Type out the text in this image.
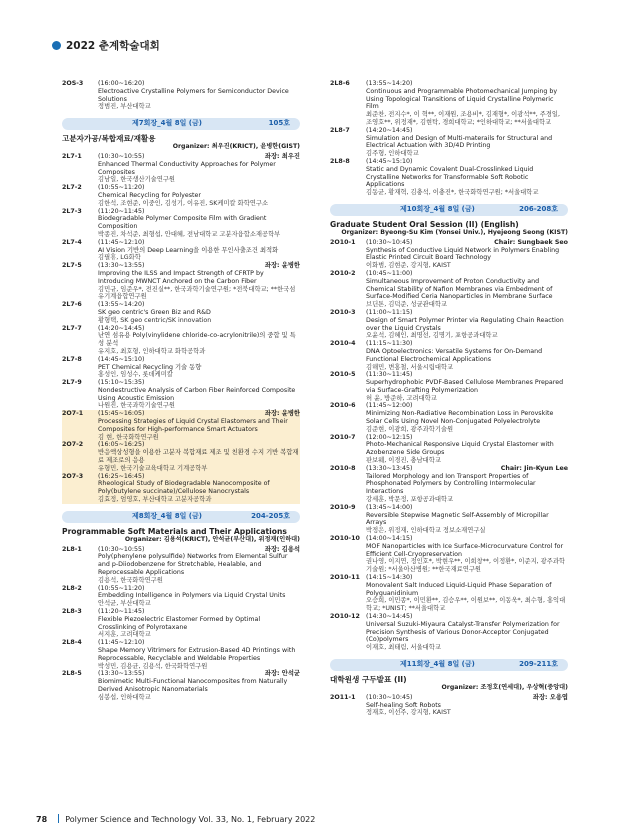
2022 춘계학술대회
2OS-3	(16:00~16:20)
Electroactive Crystalline Polymers for Semiconductor Device Solutions
정범진, 부산대학교
제7회장_4월 8일 (금)	105호
고분자가공/복합재료/재활용
Organizer: 최우진(KRICT), 윤병한(GIST)
2L7-1	(10:30~10:55)	좌장: 최우진
Enhanced Thermal Conductivity Approaches for Polymer Composites
김남일, 한국생산기술연구원
2L7-2	(10:55~11:20)
Chemical Recycling for Polyester
김한석, 조현준, 이중인, 김성기, 이유진, SK케미칼 화학연구소
2L7-3	(11:20~11:45)
Biodegradable Polymer Composite Film with Gradient Composition
박종진, 차석준, 최형섭, 안대혜, 전남대학교 고분자융합소재공학부
2L7-4	(11:45~12:10)
AI Vision 기반의 Deep Learning을 이용한 무인사출조건 최적화
김필휴, LG화학
2L7-5	(13:30~13:55)	좌장: 윤병한
Improving the ILSS and Impact Strength of CFRTP by Introducing MWNCT Anchored on the Carbon Fiber
김민규, 임준우*, 전진실**, 한국과학기술연구원; *전북대학교; **한국섬유기계융합연구원
2L7-6	(13:55~14:20)
SK geo centric's Green Biz and R&D
황형택, SK geo centric/SK innovation
2L7-7	(14:20~14:45)
난연 섬유용 Poly(vinylidene chloride-co-acrylonitrile)의 중합 및 특성 분석
유지호, 최호형, 인하대학교 화학공학과
2L7-8	(14:45~15:10)
PET Chemical Recycling 기술 동향
홍성인, 임성수, 롯데케미칼
2L7-9	(15:10~15:35)
Nondestructive Analysis of Carbon Fiber Reinforced Composite Using Acoustic Emission
나원진, 한국과학기술연구원
2O7-1	(15:45~16:05)	좌장: 윤병한
Processing Strategies of Liquid Crystal Elastomers and Their Composites for High-performance Smart Actuators
김 현, 한국화학연구원
2O7-2	(16:05~16:25)
반응액상성형을 이용한 고분자 복합재료 제조 및 친환경 수지 기반 복합재료 제조로의 응용
유형민, 한국기술교육대학교 기계공학부
2O7-3	(16:25~16:45)
Rheological Study of Biodegradable Nanocomposite of Poly(butylene succinate)/Cellulose Nanocrystals
김효정, 엄영호, 부산대학교 고분자공학과
제8회장_4월 8일 (금)	204-205호
Programmable Soft Materials and Their Applications
Organizer: 김용석(KRICT), 안석균(부산대), 위정재(인하대)
2L8-1	(10:30~10:55)	좌장: 김용석
Poly(phenylene polysulfide) Networks from Elemental Sulfur and p-Diiodobenzene for Stretchable, Healable, and Reprocessable Applications
김용석, 한국화학연구원
2L8-2	(10:55~11:20)
Embedding Intelligence in Polymers via Liquid Crystal Units
안석균, 부산대학교
2L8-3	(11:20~11:45)
Flexible Piezoelectric Elastomer Formed by Optimal Crosslinking of Polyrotaxane
서지훈, 고려대학교
2L8-4	(11:45~12:10)
Shape Memory Vitrimers for Extrusion-Based 4D Printings with Reprocessable, Recyclable and Weldable Properties
박성민, 김용균, 김용석, 한국화학연구원
2L8-5	(13:30~13:55)	좌장: 안석균
Biomimetic Multi-Functional Nanocomposites from Naturally Derived Anisotropic Nanomaterials
심봉섭, 인하대학교
2L8-6	(13:55~14:20)
Continuous and Programmable Photomechanical Jumping by Using Topological Transitions of Liquid Crystalline Polymeric Film
최준찬, 전지수*, 이 혁**, 이재원, 조용비*, 김재형*, 이광석**, 주경일, 조영호**, 위정재*, 김현탁, 경희대학교; *인하대학교; **서울대학교
2L8-7	(14:20~14:45)
Simulation and Design of Multi-materails for Structural and Electrical Actuation with 3D/4D Printing
김주형, 인하대학교
2L8-8	(14:45~15:10)
Static and Dynamic Covalent Dual-Crosslinked Liquid Crystalline Networks for Transformable Soft Robotic Applications
김동균, 황재혁, 김충석, 이충진*, 한국화학연구원; *서울대학교
제10회장_4월 8일 (금)	206-208호
Graduate Student Oral Session (II) (English)
Organizer: Byeong-Su Kim (Yonsei Univ.), Hyejeong Seong (KIST)
2O10-1	(10:30~10:45)	Chair: Sungbaek Seo
Synthesis of Conductive Liquid Network in Polymers Enabling Elastic Printed Circuit Board Technology
이화범, 김현준, 강지형, KAIST
2O10-2	(10:45~11:00)
Simultaneous Improvement of Proton Conductivity and Chemical Stability of Nafion Membranes via Embedment of Surface-Modified Ceria Nanoparticles in Membrane Surface
브딘톤, 김덕준, 성균관대학교
2O10-3	(11:00~11:15)
Design of Smart Polymer Printer via Regulating Chain Reaction over the Liquid Crystals
오윤석, 김혜인, 최명선, 김명기, 포항공과대학교
2O10-4	(11:15~11:30)
DNA Optoelectronics: Versatile Systems for On-Demand Functional Electrochemical Applications
김해민, 변홍철, 서울시립대학교
2O10-5	(11:30~11:45)
Superhydrophobic PVDF-Based Cellulose Membranes Prepared via Surface-Grafting Polymerization
허 윤, 방준하, 고려대학교
2O10-6	(11:45~12:00)
Minimizing Non-Radiative Recombination Loss in Perovskite Solar Cells Using Novel Non-Conjugated Polyelectrolyte
김준현, 이광희, 광주과학기술원
2O10-7	(12:00~12:15)
Photo-Mechanical Responsive Liquid Crystal Elastomer with Azobenzene Side Groups
판보웨, 이경진, 충남대학교
2O10-8	(13:30~13:45)	Chair: Jin-Kyun Lee
Tailored Morphology and Ion Transport Properties of Phosphonated Polymers by Controlling Intermolecular Interactions
강세훈, 박문정, 포항공과대학교
2O10-9	(13:45~14:00)
Reversible Stepwise Magnetic Self-Assembly of Micropillar Arrays
박정은, 위정재, 인하대학교 정보소재연구실
2O10-10 (14:00~14:15)
MOF Nanoparticles with Ice Surface-Microcurvature Control for Efficient Cell-Cryopreservation
권나영, 이지연, 정인호*, 박현우**, 이희창**, 이정환*, 이준지, 광주과학기술원; *서울아산병원; **한국재료연구원
2O10-11 (14:15~14:30)
Monovalent Salt Induced Liquid-Liquid Phase Separation of Polyguanidinium
오승희, 이민종*, 이민환**, 김승우**, 이원보**, 이동욱*, 최수형, 홍익대학교; *UNIST; **서울대학교
2O10-12 (14:30~14:45)
Universal Suzuki-Miyaura Catalyst-Transfer Polymerization for Precision Synthesis of Various Donor-Acceptor Conjugated (Co)polymers
이재호, 최태림, 서울대학교
제11회장_4월 8일 (금)	209-211호
대학원생 구두발표 (II)
Organizer: 조정호(연세대), 우상혁(중앙대)
2O11-1	(10:30~10:45)	좌장: 오용엽
Self-healing Soft Robots
정재호, 이선주, 강지형, KAIST
78 Polymer Science and Technology Vol. 33, No. 1, February 2022
